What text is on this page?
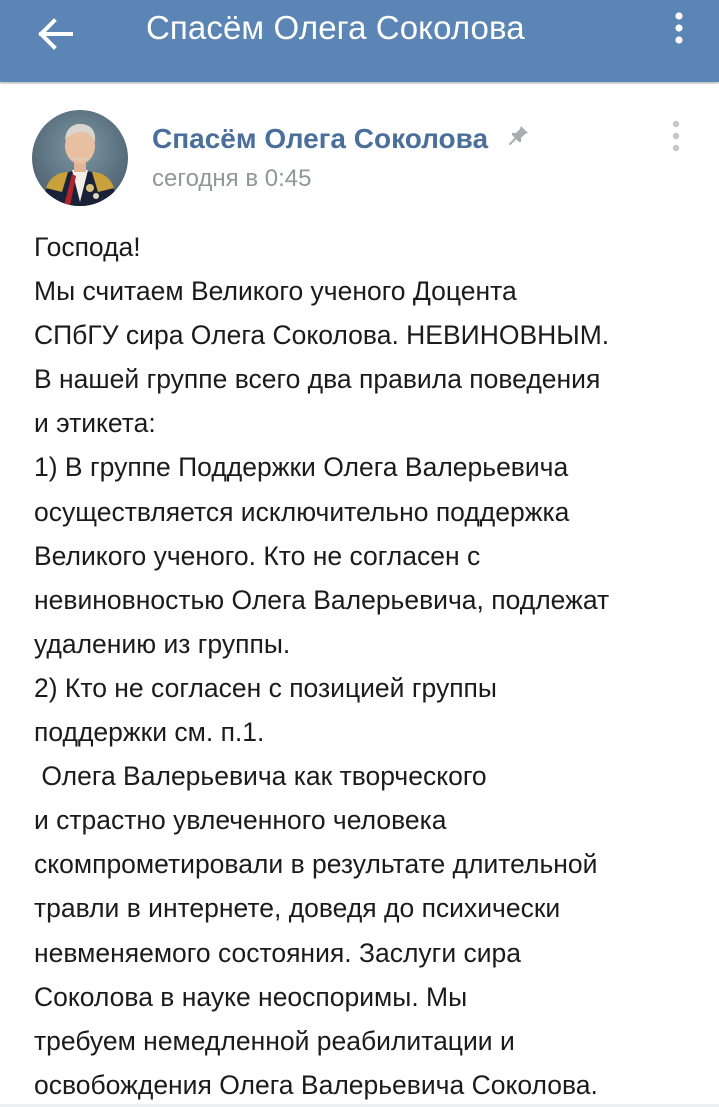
Спасём Олега Соколова
Спасём Олега Соколова
сегодня в 0:45
Господа!
Мы считаем Великого ученого Доцента
СПбГУ сира Олега Соколова. НЕВИНОВНЫМ.
В нашей группе всего два правила поведения
и этикета:
1) В группе Поддержки Олега Валерьевича
осуществляется исключительно поддержка
Великого ученого. Кто не согласен с
невиновностью Олега Валерьевича, подлежат
удалению из группы.
2) Кто не согласен с позицией группы
поддержки см. п.1.
Олега Валерьевича как творческого
и страстно увлеченного человека
скомпрометировали в результате длительной
травли в интернете, доведя до психически
невменяемого состояния. Заслуги сира
Соколова в науке неоспоримы. Мы
требуем немедленной реабилитации и
освобождения Олега Валерьевича Соколова.
